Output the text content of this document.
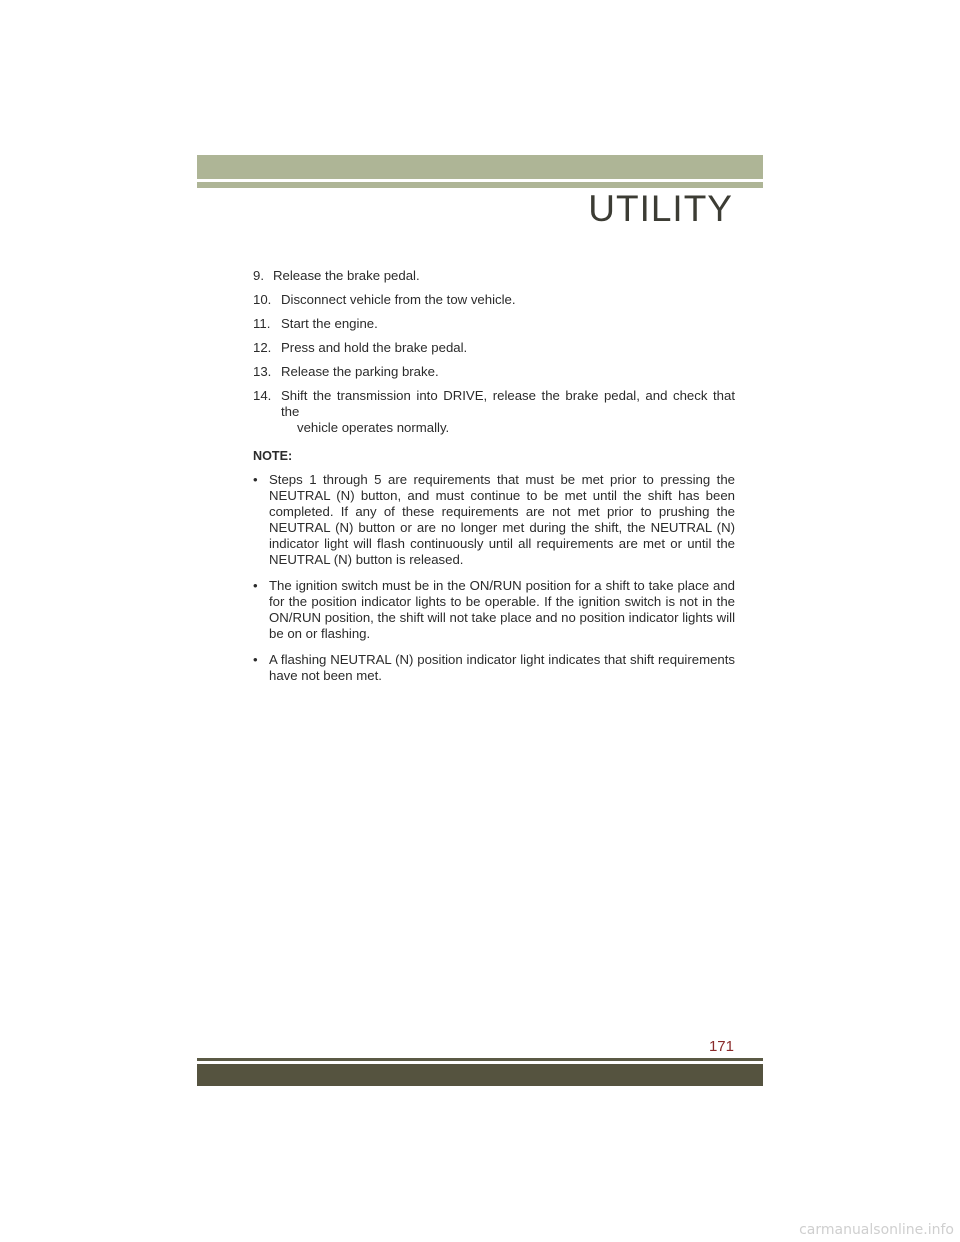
UTILITY
9. Release the brake pedal.
10. Disconnect vehicle from the tow vehicle.
11. Start the engine.
12. Press and hold the brake pedal.
13. Release the parking brake.
14. Shift the transmission into DRIVE, release the brake pedal, and check that the
vehicle operates normally.
NOTE:
• Steps 1 through 5 are requirements that must be met prior to pressing the NEUTRAL (N) button, and must continue to be met until the shift has been completed. If any of these requirements are not met prior to prushing the NEUTRAL (N) button or are no longer met during the shift, the NEUTRAL (N) indicator light will flash continuously until all requirements are met or until the NEUTRAL (N) button is released.
• The ignition switch must be in the ON/RUN position for a shift to take place and for the position indicator lights to be operable. If the ignition switch is not in the ON/RUN position, the shift will not take place and no position indicator lights will be on or flashing.
• A flashing NEUTRAL (N) position indicator light indicates that shift requirements have not been met.
171
carmanualsonline.info
